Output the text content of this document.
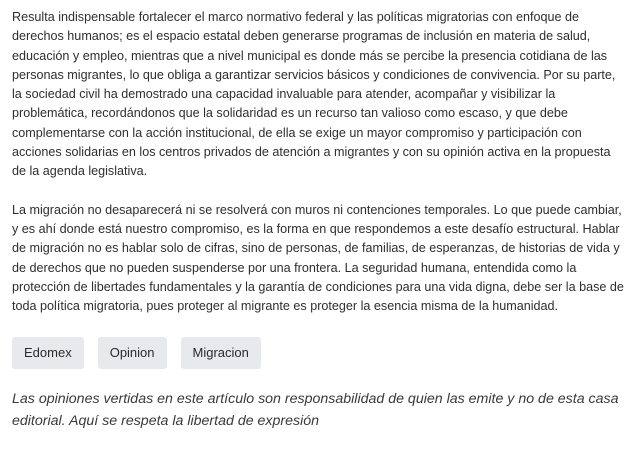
Resulta indispensable fortalecer el marco normativo federal y las políticas migratorias con enfoque de derechos humanos; es el espacio estatal deben generarse programas de inclusión en materia de salud, educación y empleo, mientras que a nivel municipal es donde más se percibe la presencia cotidiana de las personas migrantes, lo que obliga a garantizar servicios básicos y condiciones de convivencia. Por su parte, la sociedad civil ha demostrado una capacidad invaluable para atender, acompañar y visibilizar la problemática, recordándonos que la solidaridad es un recurso tan valioso como escaso, y que debe complementarse con la acción institucional, de ella se exige un mayor compromiso y participación con acciones solidarias en los centros privados de atención a migrantes y con su opinión activa en la propuesta de la agenda legislativa.

La migración no desaparecerá ni se resolverá con muros ni contenciones temporales. Lo que puede cambiar, y es ahí donde está nuestro compromiso, es la forma en que respondemos a este desafío estructural. Hablar de migración no es hablar solo de cifras, sino de personas, de familias, de esperanzas, de historias de vida y de derechos que no pueden suspenderse por una frontera. La seguridad humana, entendida como la protección de libertades fundamentales y la garantía de condiciones para una vida digna, debe ser la base de toda política migratoria, pues proteger al migrante es proteger la esencia misma de la humanidad.

Edomex	Opinion	Migracion

Las opiniones vertidas en este artículo son responsabilidad de quien las emite y no de esta casa editorial. Aquí se respeta la libertad de expresión
